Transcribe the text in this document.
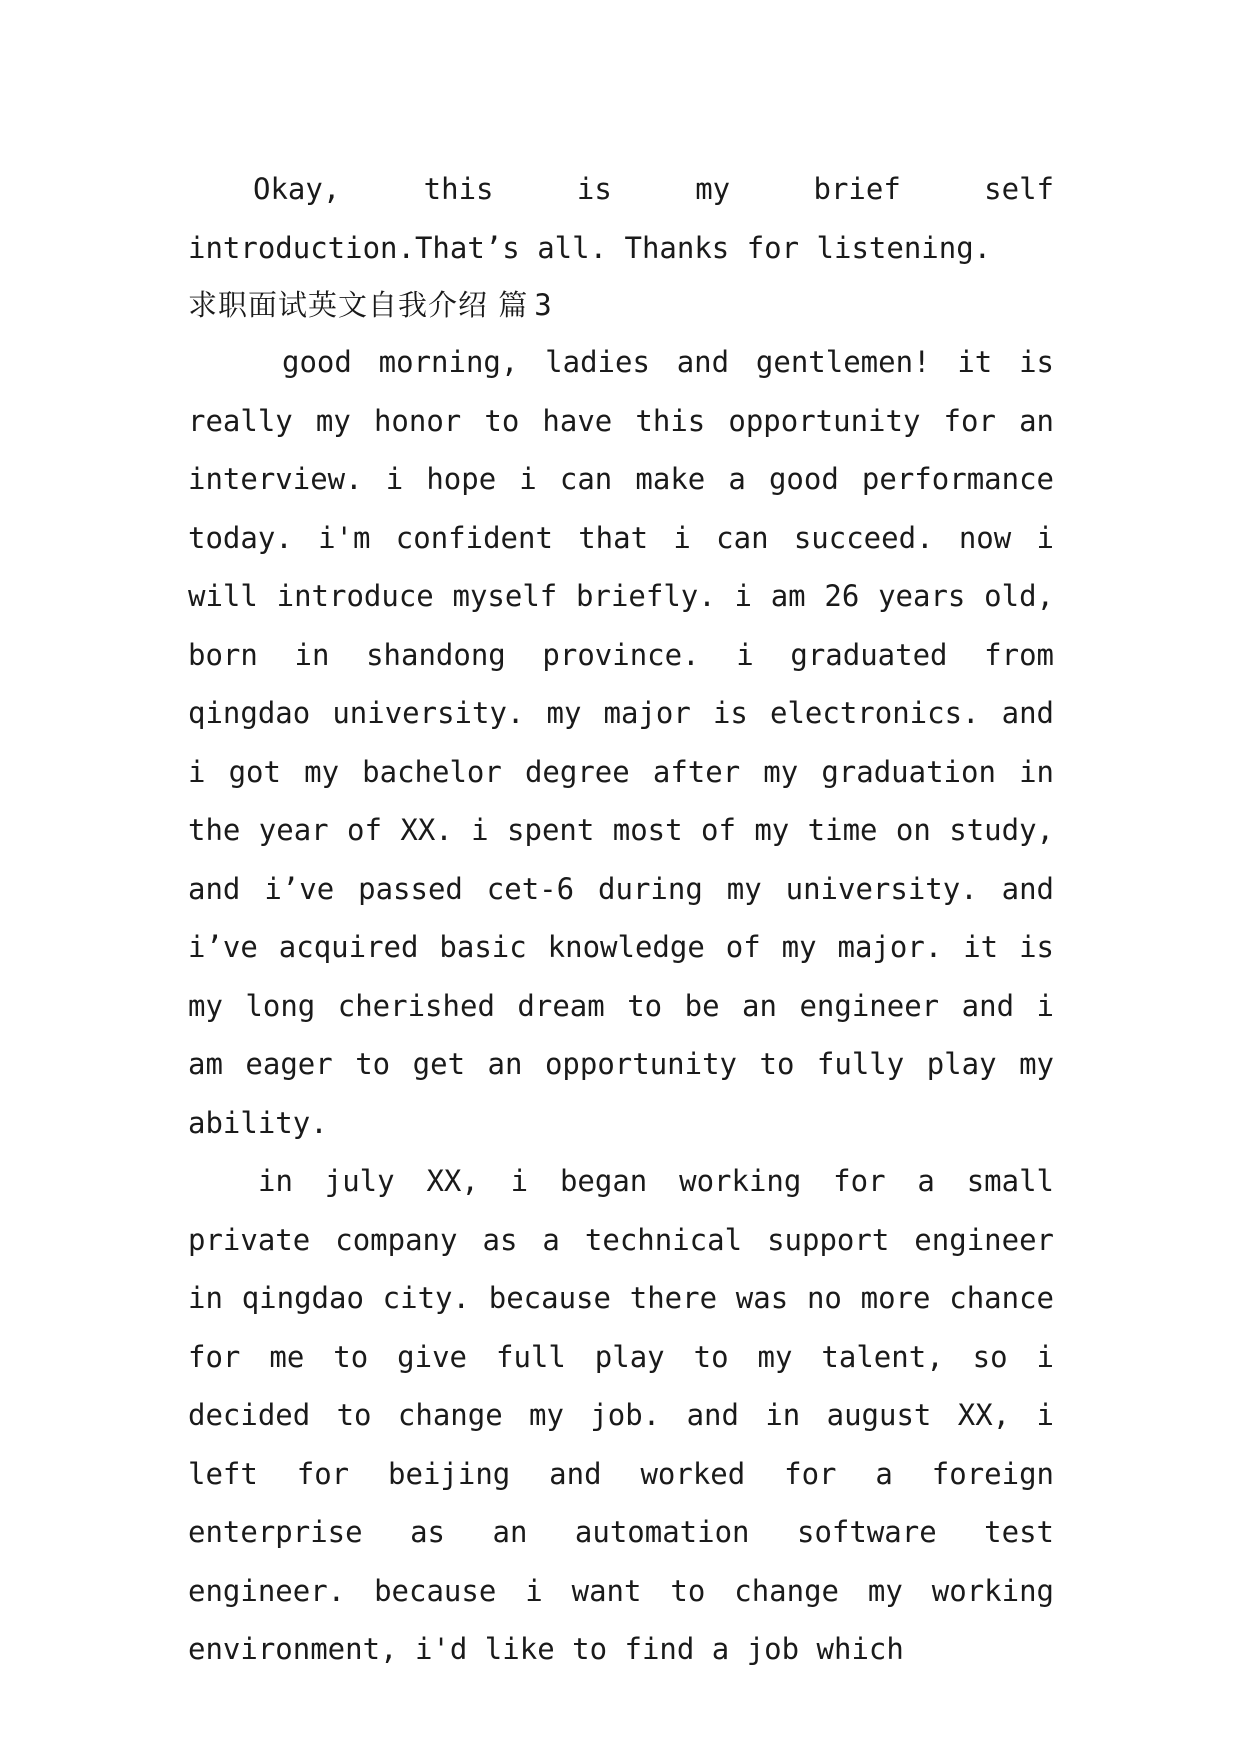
Okay, this is my brief self introduction.That’s all. Thanks for listening.

求职面试英文自我介绍 篇 3

good morning, ladies and gentlemen! it is really my honor to have this opportunity for an interview. i hope i can make a good performance today. i'm confident that i can succeed. now i will introduce myself briefly. i am 26 years old, born in shandong province. i graduated from qingdao university. my major is electronics. and i got my bachelor degree after my graduation in the year of XX. i spent most of my time on study, and i’ve passed cet-6 during my university. and i’ve acquired basic knowledge of my major. it is my long cherished dream to be an engineer and i am eager to get an opportunity to fully play my ability.

in july XX, i began working for a small private company as a technical support engineer in qingdao city. because there was no more chance for me to give full play to my talent, so i decided to change my job. and in august XX, i left for beijing and worked for a foreign enterprise as an automation software test engineer. because i want to change my working environment, i'd like to find a job which
